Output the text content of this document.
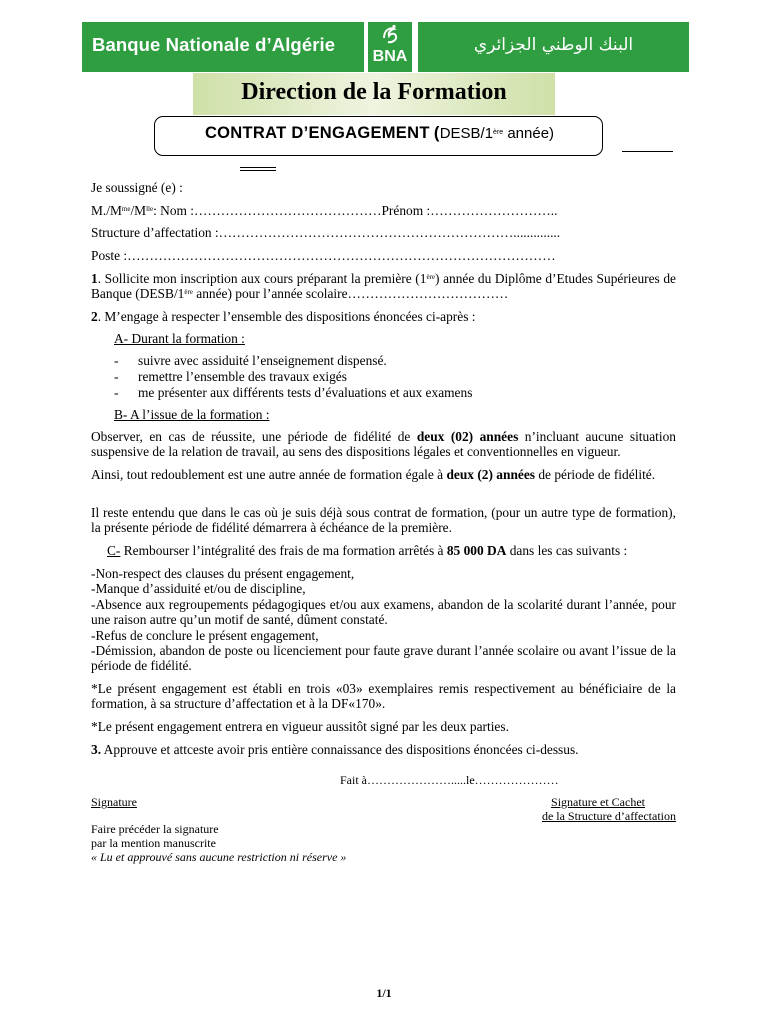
Banque Nationale d’Algérie
BNA
البنك الوطني الجزائري
Direction de la Formation
CONTRAT D’ENGAGEMENT (DESB/1ère année)

Je soussigné (e) :

$M./M^{me}/M^{lle}$: Nom :……………………………………Prénom :………………………..

Structure d’affectation :…………………………………………………………..............

Poste :……………………………………………………………………………………

1. Sollicite mon inscription aux cours préparant la première (1ère) année du Diplôme d’Etudes Supérieures de Banque (DESB/1ère année) pour l’année scolaire………………………………

2. M’engage à respecter l’ensemble des dispositions énoncées ci-après :

A- Durant la formation :

- suivre avec assiduité l’enseignement dispensé.
- remettre l’ensemble des travaux exigés
- me présenter aux différents tests d’évaluations et aux examens

B- A l’issue de la formation :

Observer, en cas de réussite, une période de fidélité de deux (02) années n’incluant aucune situation suspensive de la relation de travail, au sens des dispositions légales et conventionnelles en vigueur.

Ainsi, tout redoublement est une autre année de formation égale à deux (2) années de période de fidélité.

Il reste entendu que dans le cas où je suis déjà sous contrat de formation, (pour un autre type de formation), la présente période de fidélité démarrera à échéance de la première.

C- Rembourser l’intégralité des frais de ma formation arrêtés à 85 000 DA dans les cas suivants :

-Non-respect des clauses du présent engagement,

-Manque d’assiduité et/ou de discipline,

-Absence aux regroupements pédagogiques et/ou aux examens, abandon de la scolarité durant l’année, pour une raison autre qu’un motif de santé, dûment constaté.

-Refus de conclure le présent engagement,

-Démission, abandon de poste ou licenciement pour faute grave durant l’année scolaire ou avant l’issue de la période de fidélité.

*Le présent engagement est établi en trois «03» exemplaires remis respectivement au bénéficiaire de la formation, à sa structure d’affectation et à la DF«170».

*Le présent engagement entrera en vigueur aussitôt signé par les deux parties.

3. Approuve et attceste avoir pris entière connaissance des dispositions énoncées ci-dessus.

Fait à………………….....le…………………

Signature	Signature et Cachet

de la Structure d’affectation

Faire précéder la signature

par la mention manuscrite

« Lu et approuvé sans aucune restriction ni réserve »

1/1
